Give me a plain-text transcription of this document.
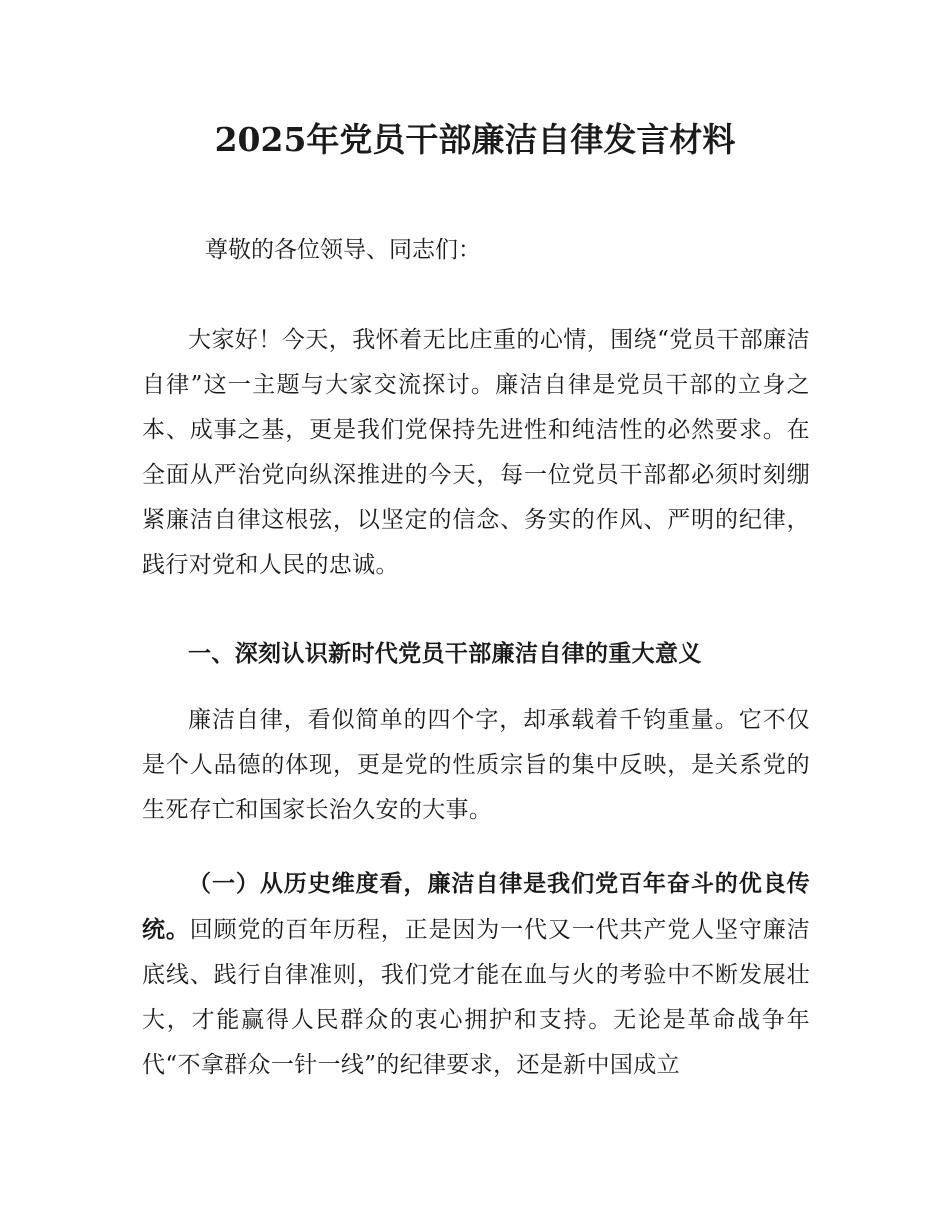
2025年党员干部廉洁自律发言材料
尊敬的各位领导、同志们：

大家好！今天，我怀着无比庄重的心情，围绕“党员干部廉洁自律”这一主题与大家交流探讨。廉洁自律是党员干部的立身之本、成事之基，更是我们党保持先进性和纯洁性的必然要求。在全面从严治党向纵深推进的今天，每一位党员干部都必须时刻绷紧廉洁自律这根弦，以坚定的信念、务实的作风、严明的纪律，践行对党和人民的忠诚。

一、深刻认识新时代党员干部廉洁自律的重大意义

廉洁自律，看似简单的四个字，却承载着千钧重量。它不仅是个人品德的体现，更是党的性质宗旨的集中反映，是关系党的生死存亡和国家长治久安的大事。

（一）从历史维度看，廉洁自律是我们党百年奋斗的优良传统。回顾党的百年历程，正是因为一代又一代共产党人坚守廉洁底线、践行自律准则，我们党才能在血与火的考验中不断发展壮大，才能赢得人民群众的衷心拥护和支持。无论是革命战争年代“不拿群众一针一线”的纪律要求，还是新中国成立
